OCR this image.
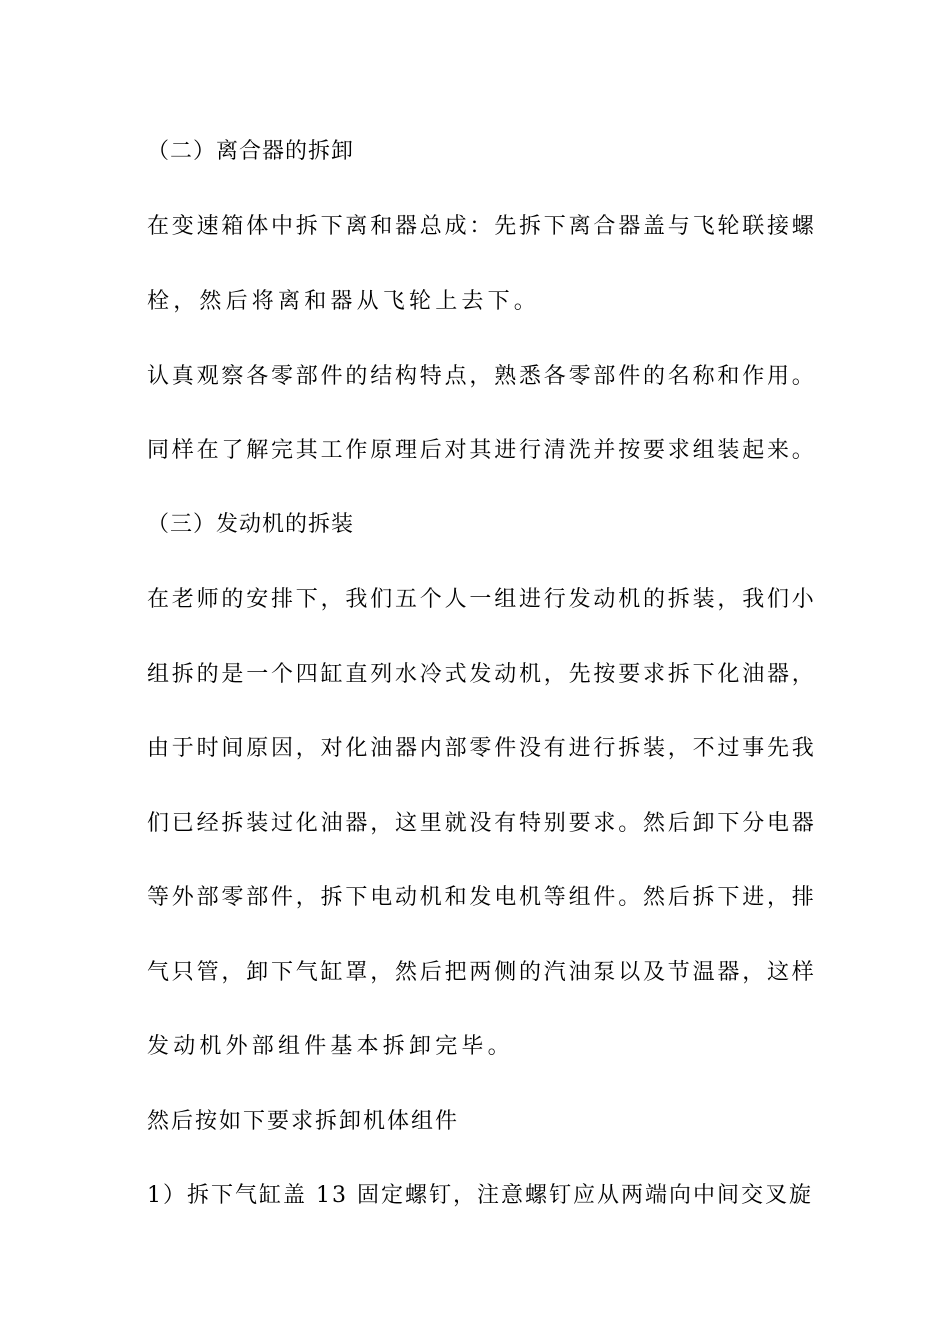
（二）离合器的拆卸
在变速箱体中拆下离和器总成：先拆下离合器盖与飞轮联接螺
栓，然后将离和器从飞轮上去下。
认真观察各零部件的结构特点，熟悉各零部件的名称和作用。
同样在了解完其工作原理后对其进行清洗并按要求组装起来。
（三）发动机的拆装
在老师的安排下，我们五个人一组进行发动机的拆装，我们小
组拆的是一个四缸直列水冷式发动机，先按要求拆下化油器，
由于时间原因，对化油器内部零件没有进行拆装，不过事先我
们已经拆装过化油器，这里就没有特别要求。然后卸下分电器
等外部零部件，拆下电动机和发电机等组件。然后拆下进，排
气只管，卸下气缸罩，然后把两侧的汽油泵以及节温器，这样
发动机外部组件基本拆卸完毕。
然后按如下要求拆卸机体组件
1）拆下气缸盖 13 固定螺钉，注意螺钉应从两端向中间交叉旋
